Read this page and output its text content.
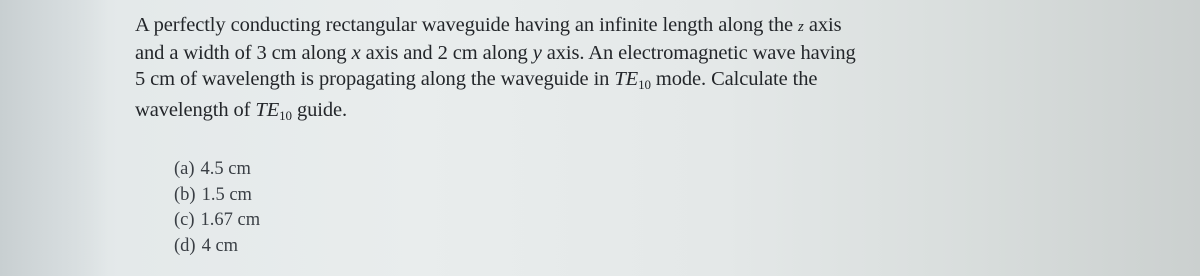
A perfectly conducting rectangular waveguide having an infinite length along the z axis
and a width of 3 cm along x axis and 2 cm along y axis. An electromagnetic wave having
5 cm of wavelength is propagating along the waveguide in $TE_{10}$ mode. Calculate the
wavelength of $TE_{10}$ guide.
(a) 4.5 cm
(b) 1.5 cm
(c) 1.67 cm
(d) 4 cm
